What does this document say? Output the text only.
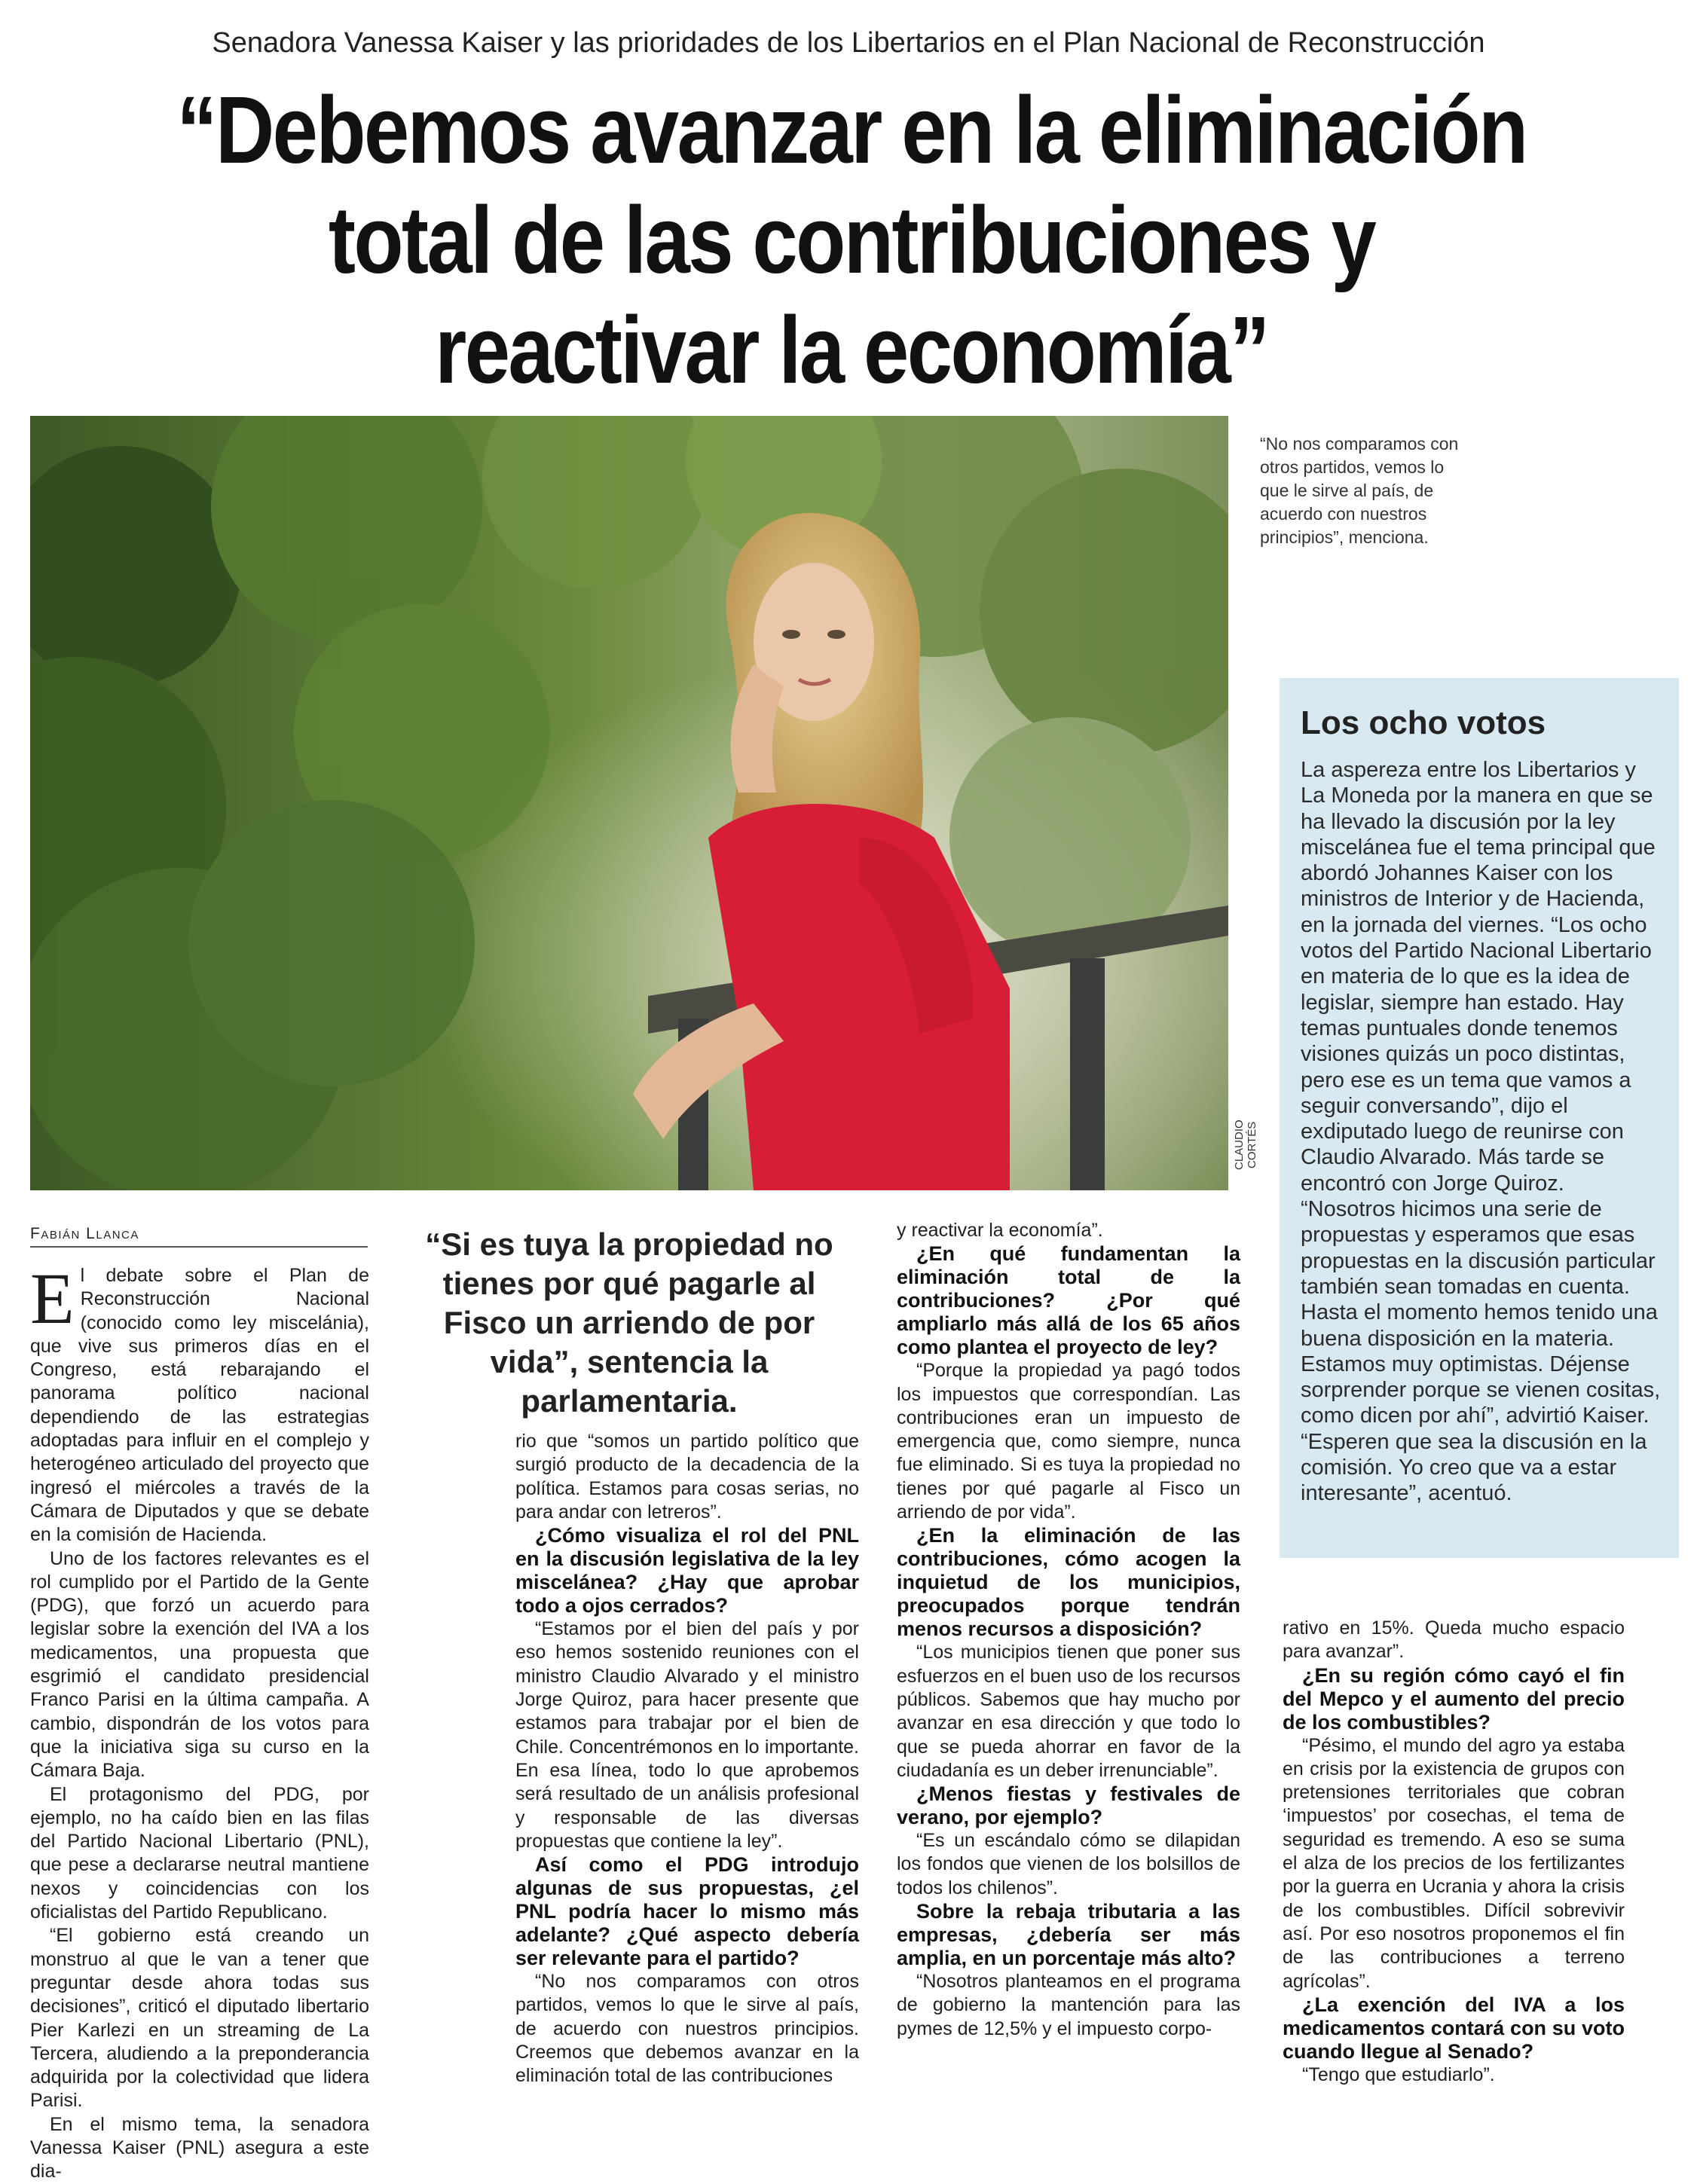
Senadora Vanessa Kaiser y las prioridades de los Libertarios en el Plan Nacional de Reconstrucción
“Debemos avanzar en la eliminación total de las contribuciones y reactivar la economía”
CLAUDIO CORTÉS
“No nos comparamos con otros partidos, vemos lo que le sirve al país, de acuerdo con nuestros principios”, menciona.
Los ocho votos
La aspereza entre los Libertarios y La Moneda por la manera en que se ha llevado la discusión por la ley miscelánea fue el tema principal que abordó Johannes Kaiser con los ministros de Interior y de Hacienda, en la jornada del viernes. “Los ocho votos del Partido Nacional Libertario en materia de lo que es la idea de legislar, siempre han estado. Hay temas puntuales donde tenemos visiones quizás un poco distintas, pero ese es un tema que vamos a seguir conversando”, dijo el exdiputado luego de reunirse con Claudio Alvarado. Más tarde se encontró con Jorge Quiroz. “Nosotros hicimos una serie de propuestas y esperamos que esas propuestas en la discusión particular también sean tomadas en cuenta. Hasta el momento hemos tenido una buena disposición en la materia. Estamos muy optimistas. Déjense sorprender porque se vienen cositas, como dicen por ahí”, advirtió Kaiser. “Esperen que sea la discusión en la comisión. Yo creo que va a estar interesante”, acentuó.
Fabián Llanca	“Si es tuya la propiedad no tienes por qué pagarle al Fisco un arriendo de por vida”, sentencia la parlamentaria.

El debate sobre el Plan de Reconstrucción Nacional (conocido como ley miscelánia), que vive sus primeros días en el Congreso, está rebarajando el panorama político nacional dependiendo de las estrategias adoptadas para influir en el complejo y heterogéneo articulado del proyecto que ingresó el miércoles a través de la Cámara de Diputados y que se debate en la comisión de Hacienda.

Uno de los factores relevantes es el rol cumplido por el Partido de la Gente (PDG), que forzó un acuerdo para legislar sobre la exención del IVA a los medicamentos, una propuesta que esgrimió el candidato presidencial Franco Parisi en la última campaña. A cambio, dispondrán de los votos para que la iniciativa siga su curso en la Cámara Baja.

El protagonismo del PDG, por ejemplo, no ha caído bien en las filas del Partido Nacional Libertario (PNL), que pese a declararse neutral mantiene nexos y coincidencias con los oficialistas del Partido Republicano.

“El gobierno está creando un monstruo al que le van a tener que preguntar desde ahora todas sus decisiones”, criticó el diputado libertario Pier Karlezi en un streaming de La Tercera, aludiendo a la preponderancia adquirida por la colectividad que lidera Parisi.

En el mismo tema, la senadora Vanessa Kaiser (PNL) asegura a este dia-

rio que “somos un partido político que surgió producto de la decadencia de la política. Estamos para cosas serias, no para andar con letreros”.

¿Cómo visualiza el rol del PNL en la discusión legislativa de la ley miscelánea? ¿Hay que aprobar todo a ojos cerrados?

“Estamos por el bien del país y por eso hemos sostenido reuniones con el ministro Claudio Alvarado y el ministro Jorge Quiroz, para hacer presente que estamos para trabajar por el bien de Chile. Concentrémonos en lo importante. En esa línea, todo lo que aprobemos será resultado de un análisis profesional y responsable de las diversas propuestas que contiene la ley”.

Así como el PDG introdujo algunas de sus propuestas, ¿el PNL podría hacer lo mismo más adelante? ¿Qué aspecto debería ser relevante para el partido?

“No nos comparamos con otros partidos, vemos lo que le sirve al país, de acuerdo con nuestros principios. Creemos que debemos avanzar en la eliminación total de las contribuciones

y reactivar la economía”.

¿En qué fundamentan la eliminación total de la contribuciones? ¿Por qué ampliarlo más allá de los 65 años como plantea el proyecto de ley?

“Porque la propiedad ya pagó todos los impuestos que correspondían. Las contribuciones eran un impuesto de emergencia que, como siempre, nunca fue eliminado. Si es tuya la propiedad no tienes por qué pagarle al Fisco un arriendo de por vida”.

¿En la eliminación de las contribuciones, cómo acogen la inquietud de los municipios, preocupados porque tendrán menos recursos a disposición?

“Los municipios tienen que poner sus esfuerzos en el buen uso de los recursos públicos. Sabemos que hay mucho por avanzar en esa dirección y que todo lo que se pueda ahorrar en favor de la ciudadanía es un deber irrenunciable”.

¿Menos fiestas y festivales de verano, por ejemplo?

“Es un escándalo cómo se dilapidan los fondos que vienen de los bolsillos de todos los chilenos”.

Sobre la rebaja tributaria a las empresas, ¿debería ser más amplia, en un porcentaje más alto?

“Nosotros planteamos en el programa de gobierno la mantención para las pymes de 12,5% y el impuesto corpo-

rativo en 15%. Queda mucho espacio para avanzar”.

¿En su región cómo cayó el fin del Mepco y el aumento del precio de los combustibles?

“Pésimo, el mundo del agro ya estaba en crisis por la existencia de grupos con pretensiones territoriales que cobran ‘impuestos’ por cosechas, el tema de seguridad es tremendo. A eso se suma el alza de los precios de los fertilizantes por la guerra en Ucrania y ahora la crisis de los combustibles. Difícil sobrevivir así. Por eso nosotros proponemos el fin de las contribuciones a terreno agrícolas”.

¿La exención del IVA a los medicamentos contará con su voto cuando llegue al Senado?

“Tengo que estudiarlo”.
